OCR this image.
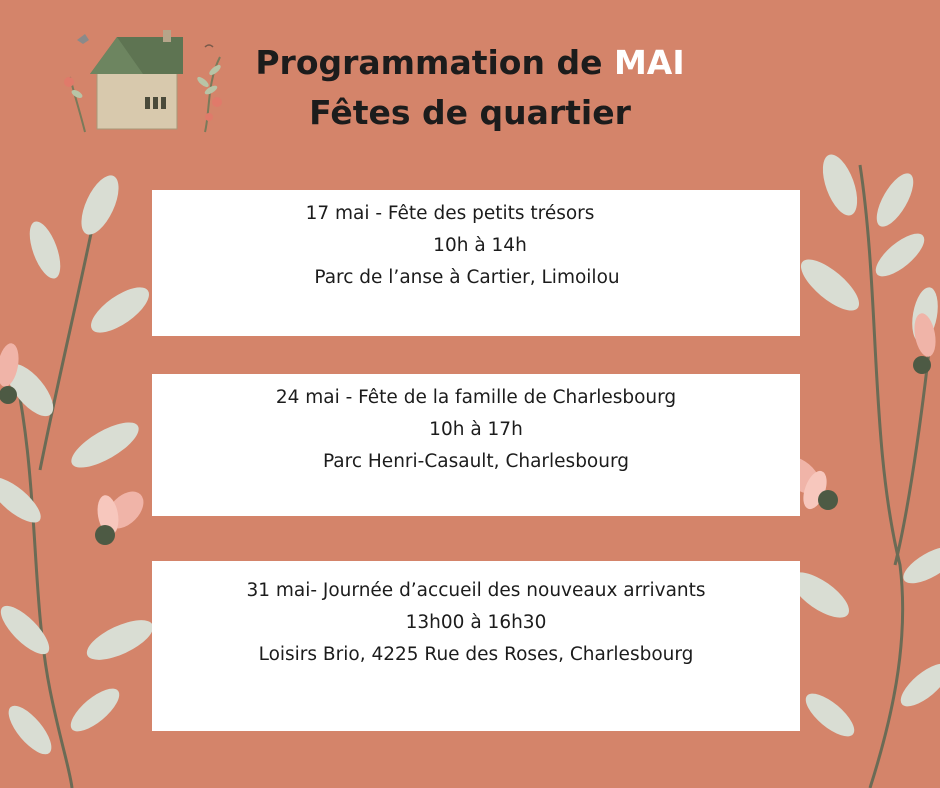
Programmation de MAI
Fêtes de quartier
17 mai - Fête des petits trésors
10h à 14h
Parc de l’anse à Cartier, Limoilou
24 mai - Fête de la famille de Charlesbourg
10h à 17h
Parc Henri-Casault, Charlesbourg
31 mai- Journée d’accueil des nouveaux arrivants
13h00 à 16h30
Loisirs Brio, 4225 Rue des Roses, Charlesbourg
